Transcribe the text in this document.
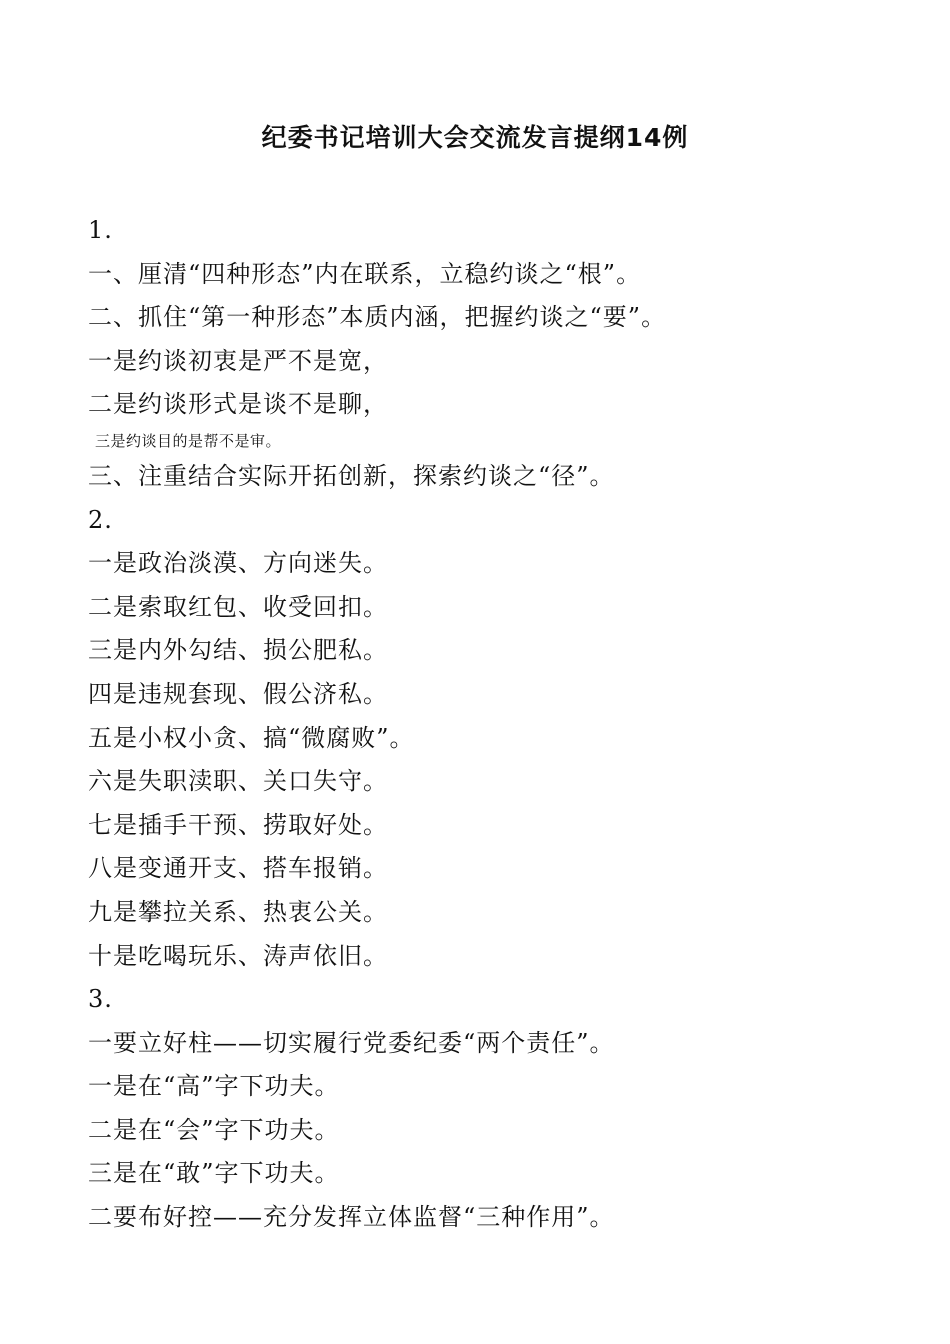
纪委书记培训大会交流发言提纲14例
1.
一、厘清“四种形态”内在联系，立稳约谈之“根”。
二、抓住“第一种形态”本质内涵，把握约谈之“要”。
一是约谈初衷是严不是宽，
二是约谈形式是谈不是聊，
三是约谈目的是帮不是审。
三、注重结合实际开拓创新，探索约谈之“径”。
2.
一是政治淡漠、方向迷失。
二是索取红包、收受回扣。
三是内外勾结、损公肥私。
四是违规套现、假公济私。
五是小权小贪、搞“微腐败”。
六是失职渎职、关口失守。
七是插手干预、捞取好处。
八是变通开支、搭车报销。
九是攀拉关系、热衷公关。
十是吃喝玩乐、涛声依旧。
3.
一要立好柱——切实履行党委纪委“两个责任”。
一是在“高”字下功夫。
二是在“会”字下功夫。
三是在“敢”字下功夫。
二要布好控——充分发挥立体监督“三种作用”。
